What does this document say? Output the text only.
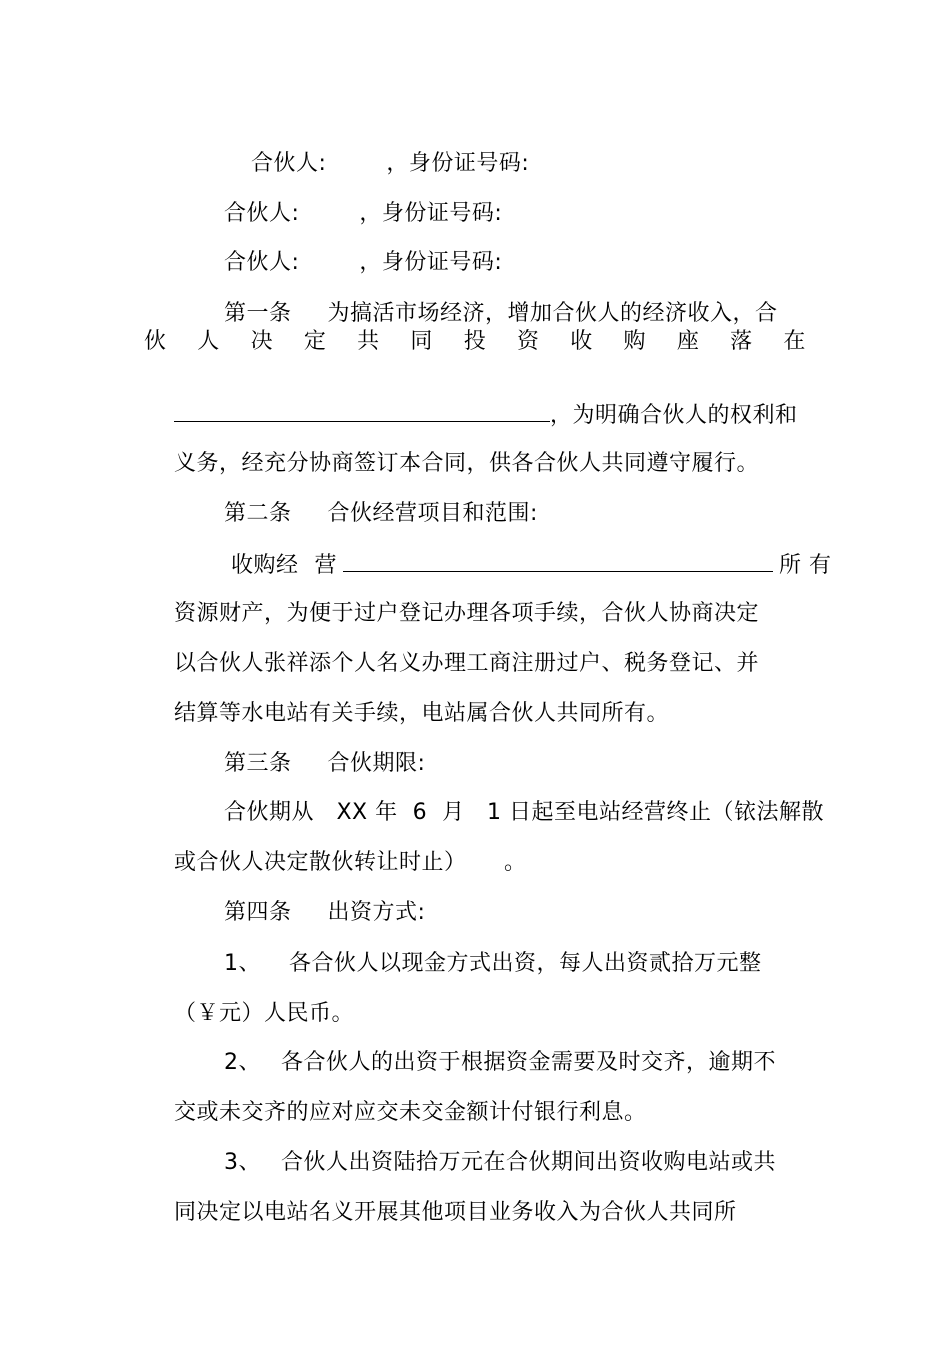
合伙人:	，身份证号码:

合伙人:	，身份证号码:

合伙人:	，身份证号码:

第一条 为搞活市场经济，增加合伙人的经济收入，合

伙 人 决 定 共 同 投 资 收 购 座 落 在

，为明确合伙人的权利和

义务，经充分协商签订本合同，供各合伙人共同遵守履行。

第二条 合伙经营项目和范围:

收购经 营	所 有

资源财产，为便于过户登记办理各项手续，合伙人协商决定

以合伙人张祥添个人名义办理工商注册过户、税务登记、并

结算等水电站有关手续，电站属合伙人共同所有。

第三条 合伙期限:

合伙期从   XX 年  6  月   1 日起至电站经营终止（铱法解散

或合伙人决定散伙转让时止）     。

第四条 出资方式:

1、 各合伙人以现金方式出资，每人出资贰拾万元整

（￥元）人民币。

2、 各合伙人的出资于根据资金需要及时交齐，逾期不

交或未交齐的应对应交未交金额计付银行利息。

3、 合伙人出资陆拾万元在合伙期间出资收购电站或共

同决定以电站名义开展其他项目业务收入为合伙人共同所
